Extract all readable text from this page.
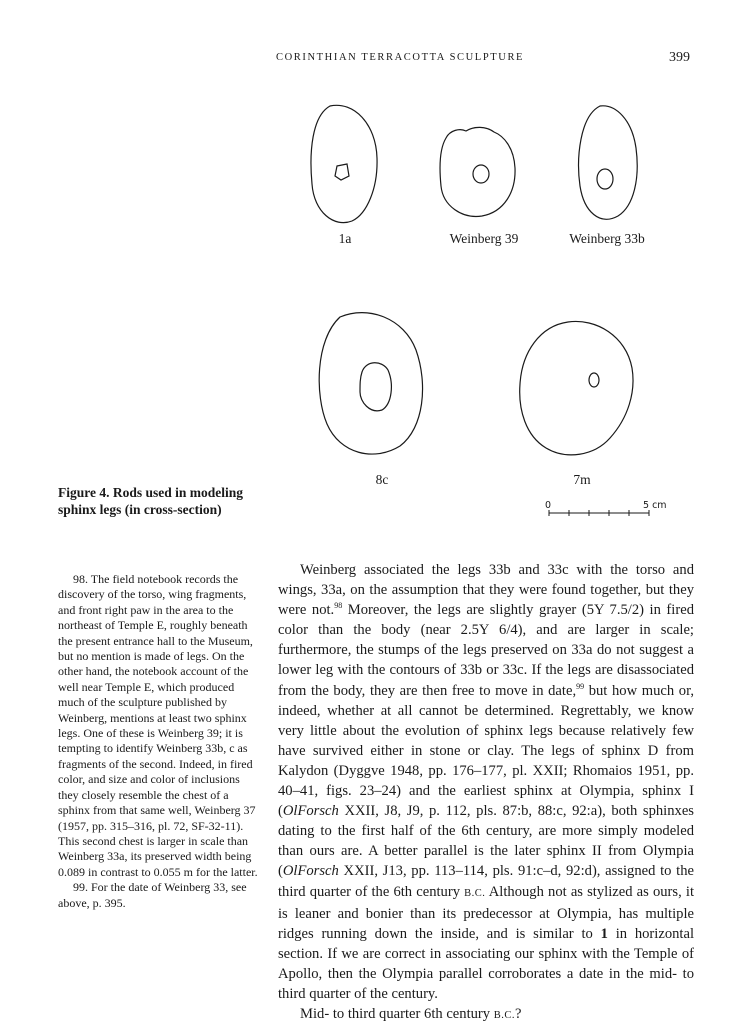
CORINTHIAN TERRACOTTA SCULPTURE	399
1a	Weinberg 39	Weinberg 33b
8c	7m
0	5 cm
Figure 4. Rods used in modeling sphinx legs (in cross-section)

98. The field notebook records the discovery of the torso, wing fragments, and front right paw in the area to the northeast of Temple E, roughly beneath the present entrance hall to the Museum, but no mention is made of legs. On the other hand, the notebook account of the well near Temple E, which produced much of the sculpture published by Weinberg, mentions at least two sphinx legs. One of these is Weinberg 39; it is tempting to identify Weinberg 33b, c as fragments of the second. Indeed, in fired color, and size and color of inclusions they closely resemble the chest of a sphinx from that same well, Weinberg 37 (1957, pp. 315–316, pl. 72, SF-32-11). This second chest is larger in scale than Weinberg 33a, its preserved width being 0.089 in contrast to 0.055 m for the latter.

99. For the date of Weinberg 33, see above, p. 395.

Weinberg associated the legs 33b and 33c with the torso and wings, 33a, on the assumption that they were found together, but they were not.$^{98}$ Moreover, the legs are slightly grayer (5Y 7.5/2) in fired color than the body (near 2.5Y 6/4), and are larger in scale; furthermore, the stumps of the legs preserved on 33a do not suggest a lower leg with the contours of 33b or 33c. If the legs are disassociated from the body, they are then free to move in date,$^{99}$ but how much or, indeed, whether at all cannot be determined. Regrettably, we know very little about the evolution of sphinx legs because relatively few have survived either in stone or clay. The legs of sphinx D from Kalydon (Dyggve 1948, pp. 176–177, pl. XXII; Rhomaios 1951, pp. 40–41, figs. 23–24) and the earliest sphinx at Olympia, sphinx I (OlForsch XXII, J8, J9, p. 112, pls. 87:b, 88:c, 92:a), both sphinxes dating to the first half of the 6th century, are more simply modeled than ours are. A better parallel is the later sphinx II from Olympia (OlForsch XXII, J13, pp. 113–114, pls. 91:c–d, 92:d), assigned to the third quarter of the 6th century B.C. Although not as stylized as ours, it is leaner and bonier than its predecessor at Olympia, has multiple ridges running down the inside, and is similar to 1 in horizontal section. If we are correct in associating our sphinx with the Temple of Apollo, then the Olympia parallel corroborates a date in the mid- to third quarter of the century.

Mid- to third quarter 6th century B.C.?
